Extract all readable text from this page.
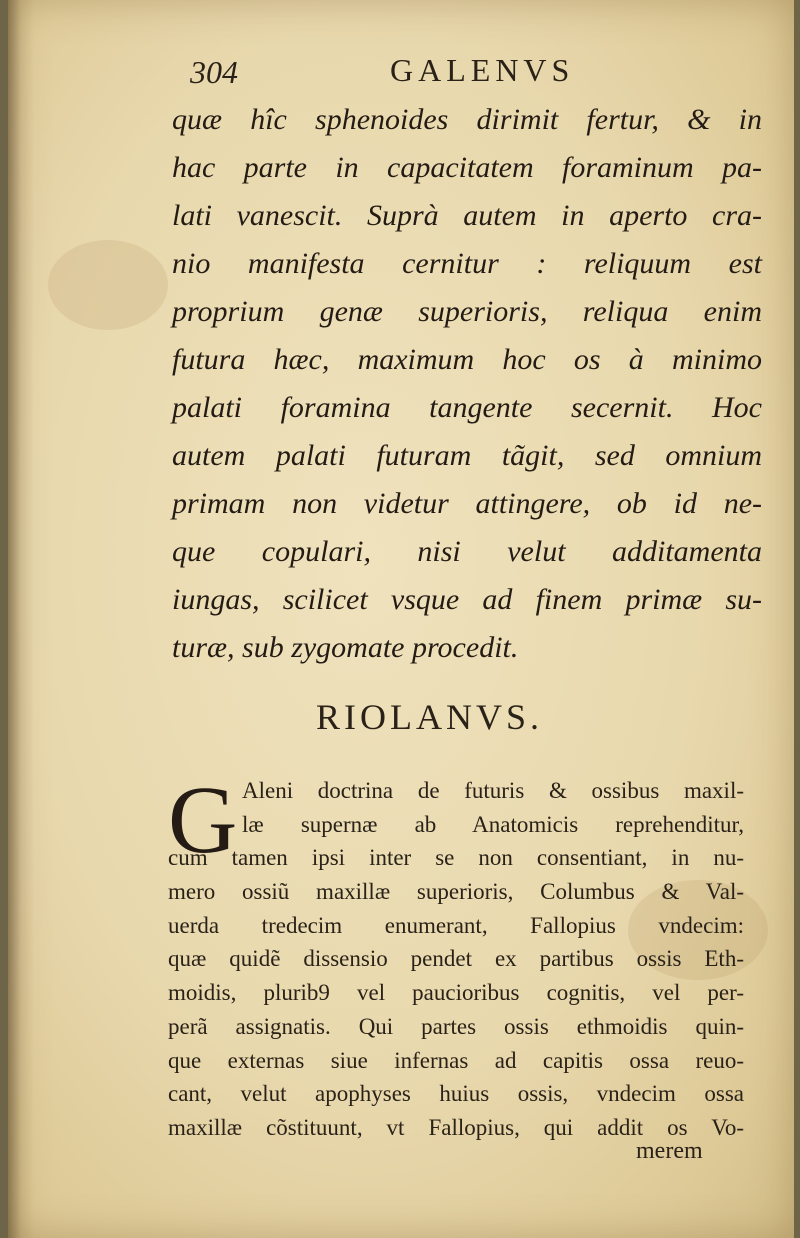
304	GALENVS
quæ hîc sphenoides dirimit fertur, & in
hac parte in capacitatem foraminum pa-
lati vanescit. Suprà autem in aperto cra-
nio manifesta cernitur : reliquum est
proprium genæ superioris, reliqua enim
futura hæc, maximum hoc os à minimo
palati foramina tangente secernit. Hoc
autem palati futuram tãgit, sed omnium
primam non videtur attingere, ob id ne-
que copulari, nisi velut additamenta
iungas, scilicet vsque ad finem primæ su-
turæ, sub zygomate procedit.
RIOLANVS.
G Aleni doctrina de futuris & ossibus maxil-
læ supernæ ab Anatomicis reprehenditur,
cum tamen ipsi inter se non consentiant, in nu-
mero ossiũ maxillæ superioris, Columbus & Val-
uerda tredecim enumerant, Fallopius vndecim:
quæ quidẽ dissensio pendet ex partibus ossis Eth-
moidis, plurib9 vel paucioribus cognitis, vel per-
perã assignatis. Qui partes ossis ethmoidis quin-
que externas siue infernas ad capitis ossa reuo-
cant, velut apophyses huius ossis, vndecim ossa
maxillæ cõstituunt, vt Fallopius, qui addit os Vo-
merem
